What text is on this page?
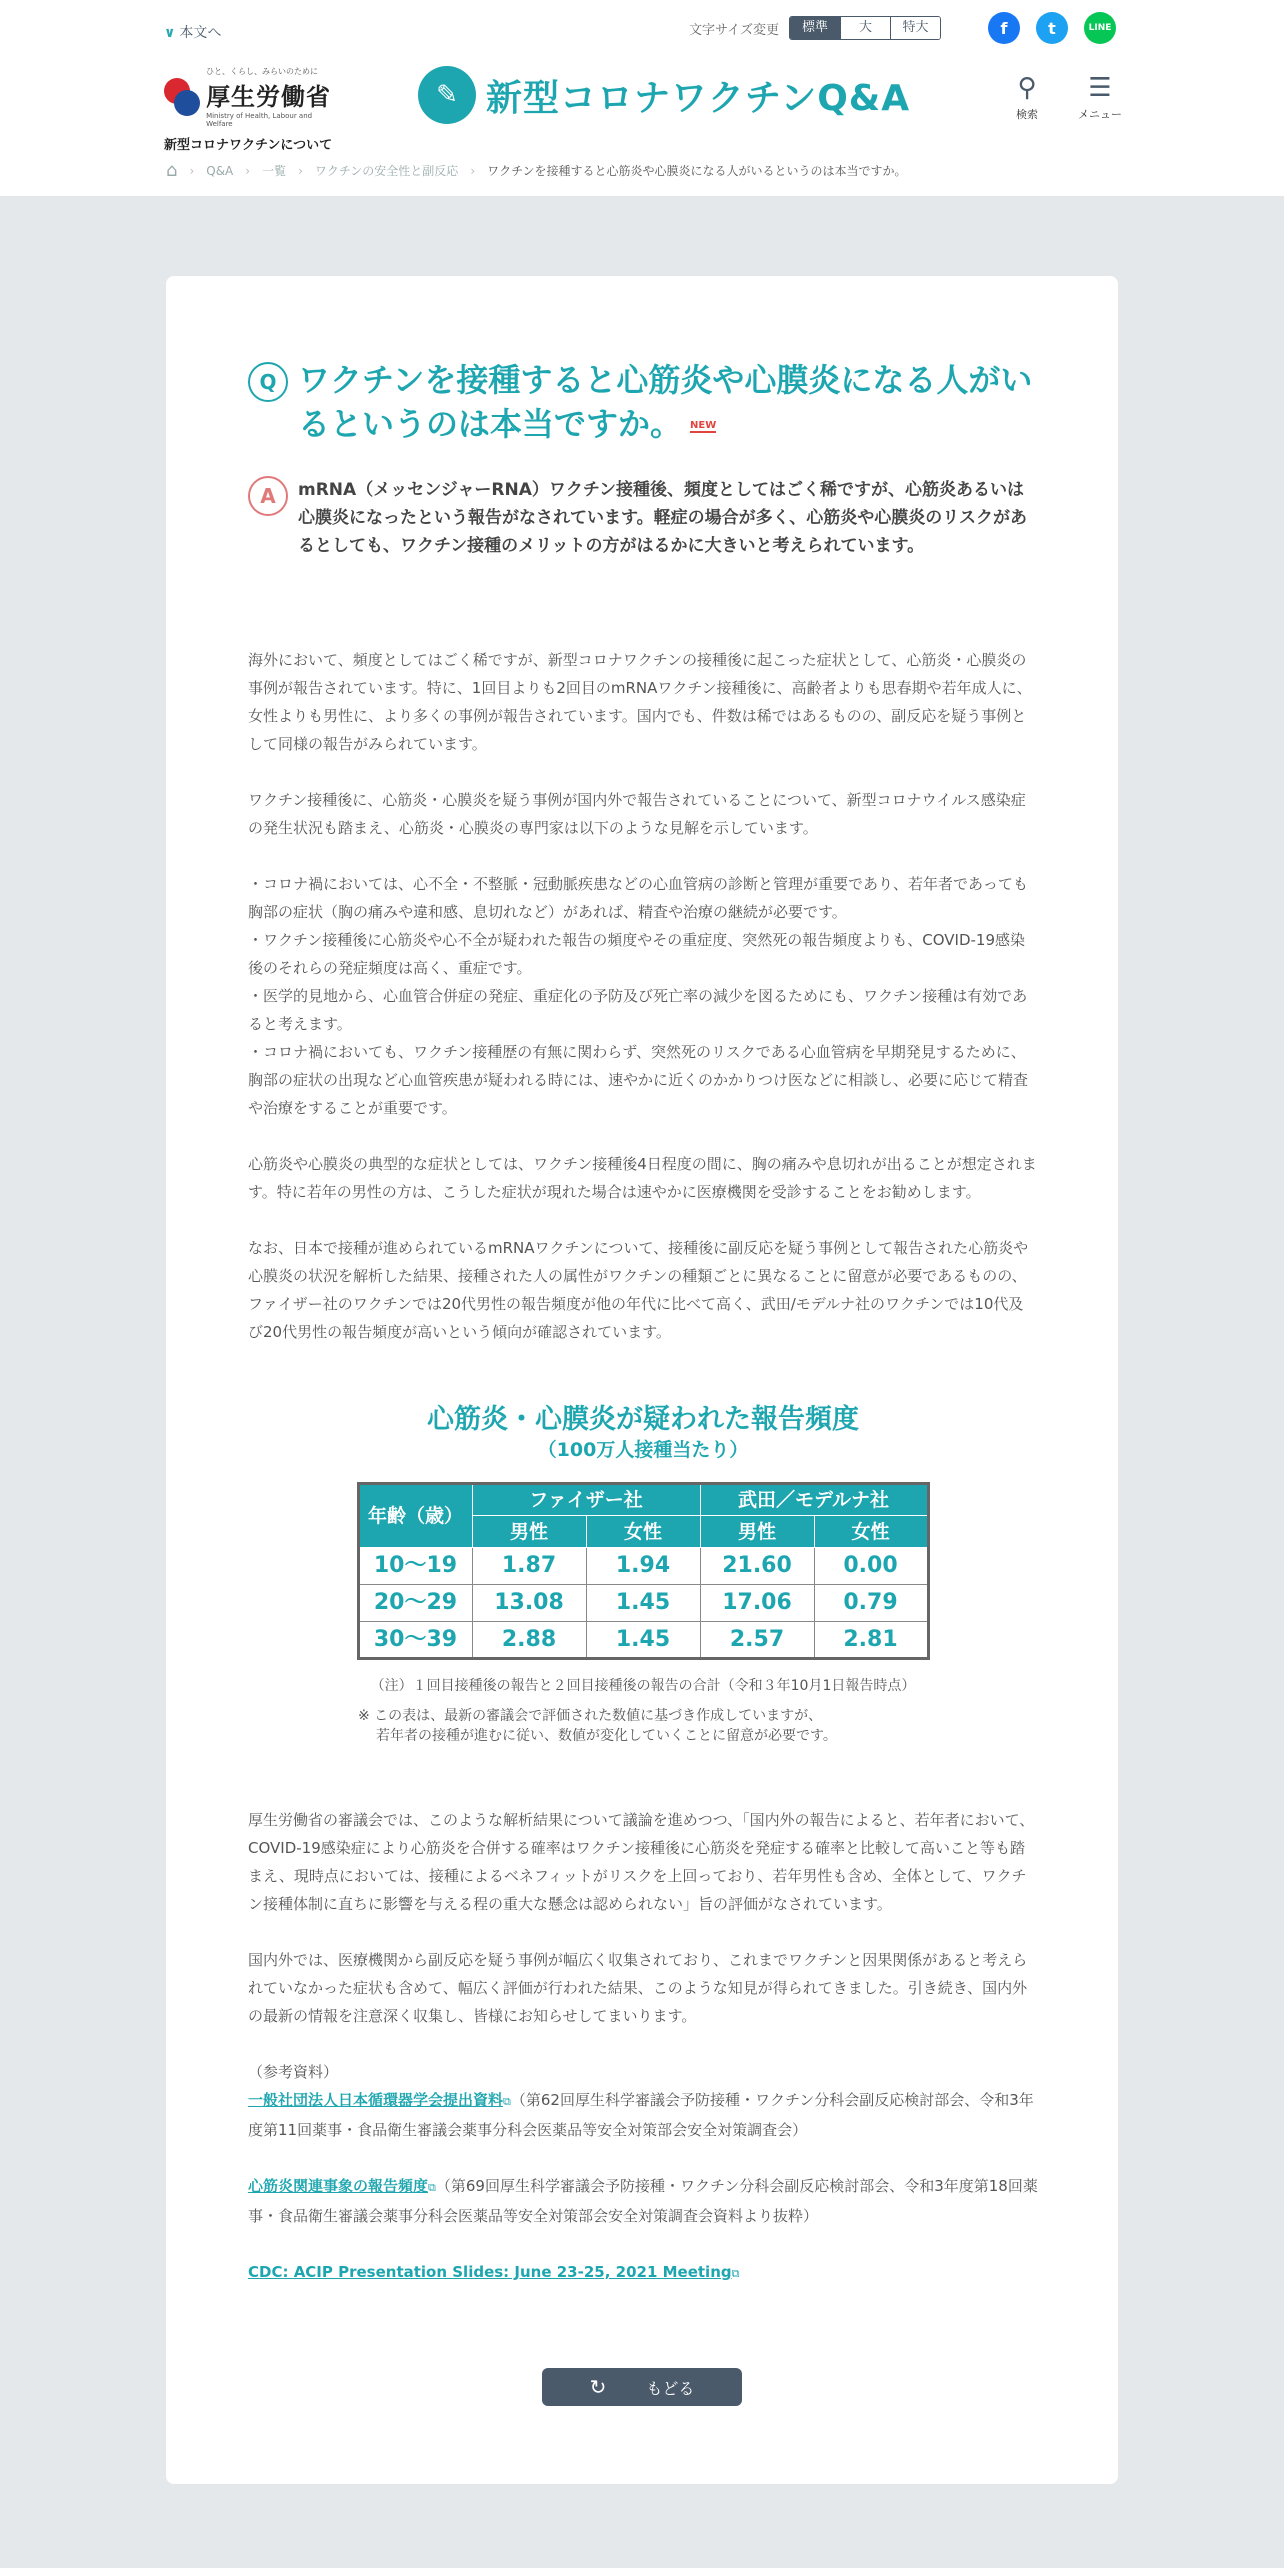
∨ 本文へ	文字サイズ変更	標準	大	特大	f	t	LINE
ひと、くらし、みらいのために
厚生労働省
Ministry of Health, Labour and Welfare
新型コロナワクチンについて
✎ 新型コロナワクチンQ&A	⚲
検索
☰
メニュー
⌂ › Q&A › 一覧 › ワクチンの安全性と副反応 › ワクチンを接種すると心筋炎や心膜炎になる人がいるというのは本当ですか。
Q ワクチンを接種すると心筋炎や心膜炎になる人がいるというのは本当ですか。 NEW
A	mRNA（メッセンジャーRNA）ワクチン接種後、頻度としてはごく稀ですが、心筋炎あるいは心膜炎になったという報告がなされています。軽症の場合が多く、心筋炎や心膜炎のリスクがあるとしても、ワクチン接種のメリットの方がはるかに大きいと考えられています。

海外において、頻度としてはごく稀ですが、新型コロナワクチンの接種後に起こった症状として、心筋炎・心膜炎の事例が報告されています。特に、1回目よりも2回目のmRNAワクチン接種後に、高齢者よりも思春期や若年成人に、女性よりも男性に、より多くの事例が報告されています。国内でも、件数は稀ではあるものの、副反応を疑う事例として同様の報告がみられています。

ワクチン接種後に、心筋炎・心膜炎を疑う事例が国内外で報告されていることについて、新型コロナウイルス感染症の発生状況も踏まえ、心筋炎・心膜炎の専門家は以下のような見解を示しています。

・コロナ禍においては、心不全・不整脈・冠動脈疾患などの心血管病の診断と管理が重要であり、若年者であっても胸部の症状（胸の痛みや違和感、息切れなど）があれば、精査や治療の継続が必要です。
・ワクチン接種後に心筋炎や心不全が疑われた報告の頻度やその重症度、突然死の報告頻度よりも、COVID-19感染後のそれらの発症頻度は高く、重症です。
・医学的見地から、心血管合併症の発症、重症化の予防及び死亡率の減少を図るためにも、ワクチン接種は有効であると考えます。
・コロナ禍においても、ワクチン接種歴の有無に関わらず、突然死のリスクである心血管病を早期発見するために、胸部の症状の出現など心血管疾患が疑われる時には、速やかに近くのかかりつけ医などに相談し、必要に応じて精査や治療をすることが重要です。

心筋炎や心膜炎の典型的な症状としては、ワクチン接種後4日程度の間に、胸の痛みや息切れが出ることが想定されます。特に若年の男性の方は、こうした症状が現れた場合は速やかに医療機関を受診することをお勧めします。

なお、日本で接種が進められているmRNAワクチンについて、接種後に副反応を疑う事例として報告された心筋炎や心膜炎の状況を解析した結果、接種された人の属性がワクチンの種類ごとに異なることに留意が必要であるものの、ファイザー社のワクチンでは20代男性の報告頻度が他の年代に比べて高く、武田/モデルナ社のワクチンでは10代及び20代男性の報告頻度が高いという傾向が確認されています。

心筋炎・心膜炎が疑われた報告頻度
（100万人接種当たり）
年齢（歳）	ファイザー社		武田／モデルナ社	
	男性	女性	男性	女性
10〜19	1.87	1.94	21.60	0.00
20〜29	13.08	1.45	17.06	0.79
30〜39	2.88	1.45	2.57	2.81
（注）１回目接種後の報告と２回目接種後の報告の合計（令和３年10月1日報告時点）
※ この表は、最新の審議会で評価された数値に基づき作成していますが、
若年者の接種が進むに従い、数値が変化していくことに留意が必要です。

厚生労働省の審議会では、このような解析結果について議論を進めつつ、「国内外の報告によると、若年者において、COVID-19感染症により心筋炎を合併する確率はワクチン接種後に心筋炎を発症する確率と比較して高いこと等も踏まえ、現時点においては、接種によるベネフィットがリスクを上回っており、若年男性も含め、全体として、ワクチン接種体制に直ちに影響を与える程の重大な懸念は認められない」旨の評価がなされています。

国内外では、医療機関から副反応を疑う事例が幅広く収集されており、これまでワクチンと因果関係があると考えられていなかった症状も含めて、幅広く評価が行われた結果、このような知見が得られてきました。引き続き、国内外の最新の情報を注意深く収集し、皆様にお知らせしてまいります。

（参考資料）
一般社団法人日本循環器学会提出資料⧉（第62回厚生科学審議会予防接種・ワクチン分科会副反応検討部会、令和3年度第11回薬事・食品衛生審議会薬事分科会医薬品等安全対策部会安全対策調査会）
心筋炎関連事象の報告頻度⧉（第69回厚生科学審議会予防接種・ワクチン分科会副反応検討部会、令和3年度第18回薬事・食品衛生審議会薬事分科会医薬品等安全対策部会安全対策調査会資料より抜粋）
CDC: ACIP Presentation Slides: June 23-25, 2021 Meeting⧉
↻	もどる
